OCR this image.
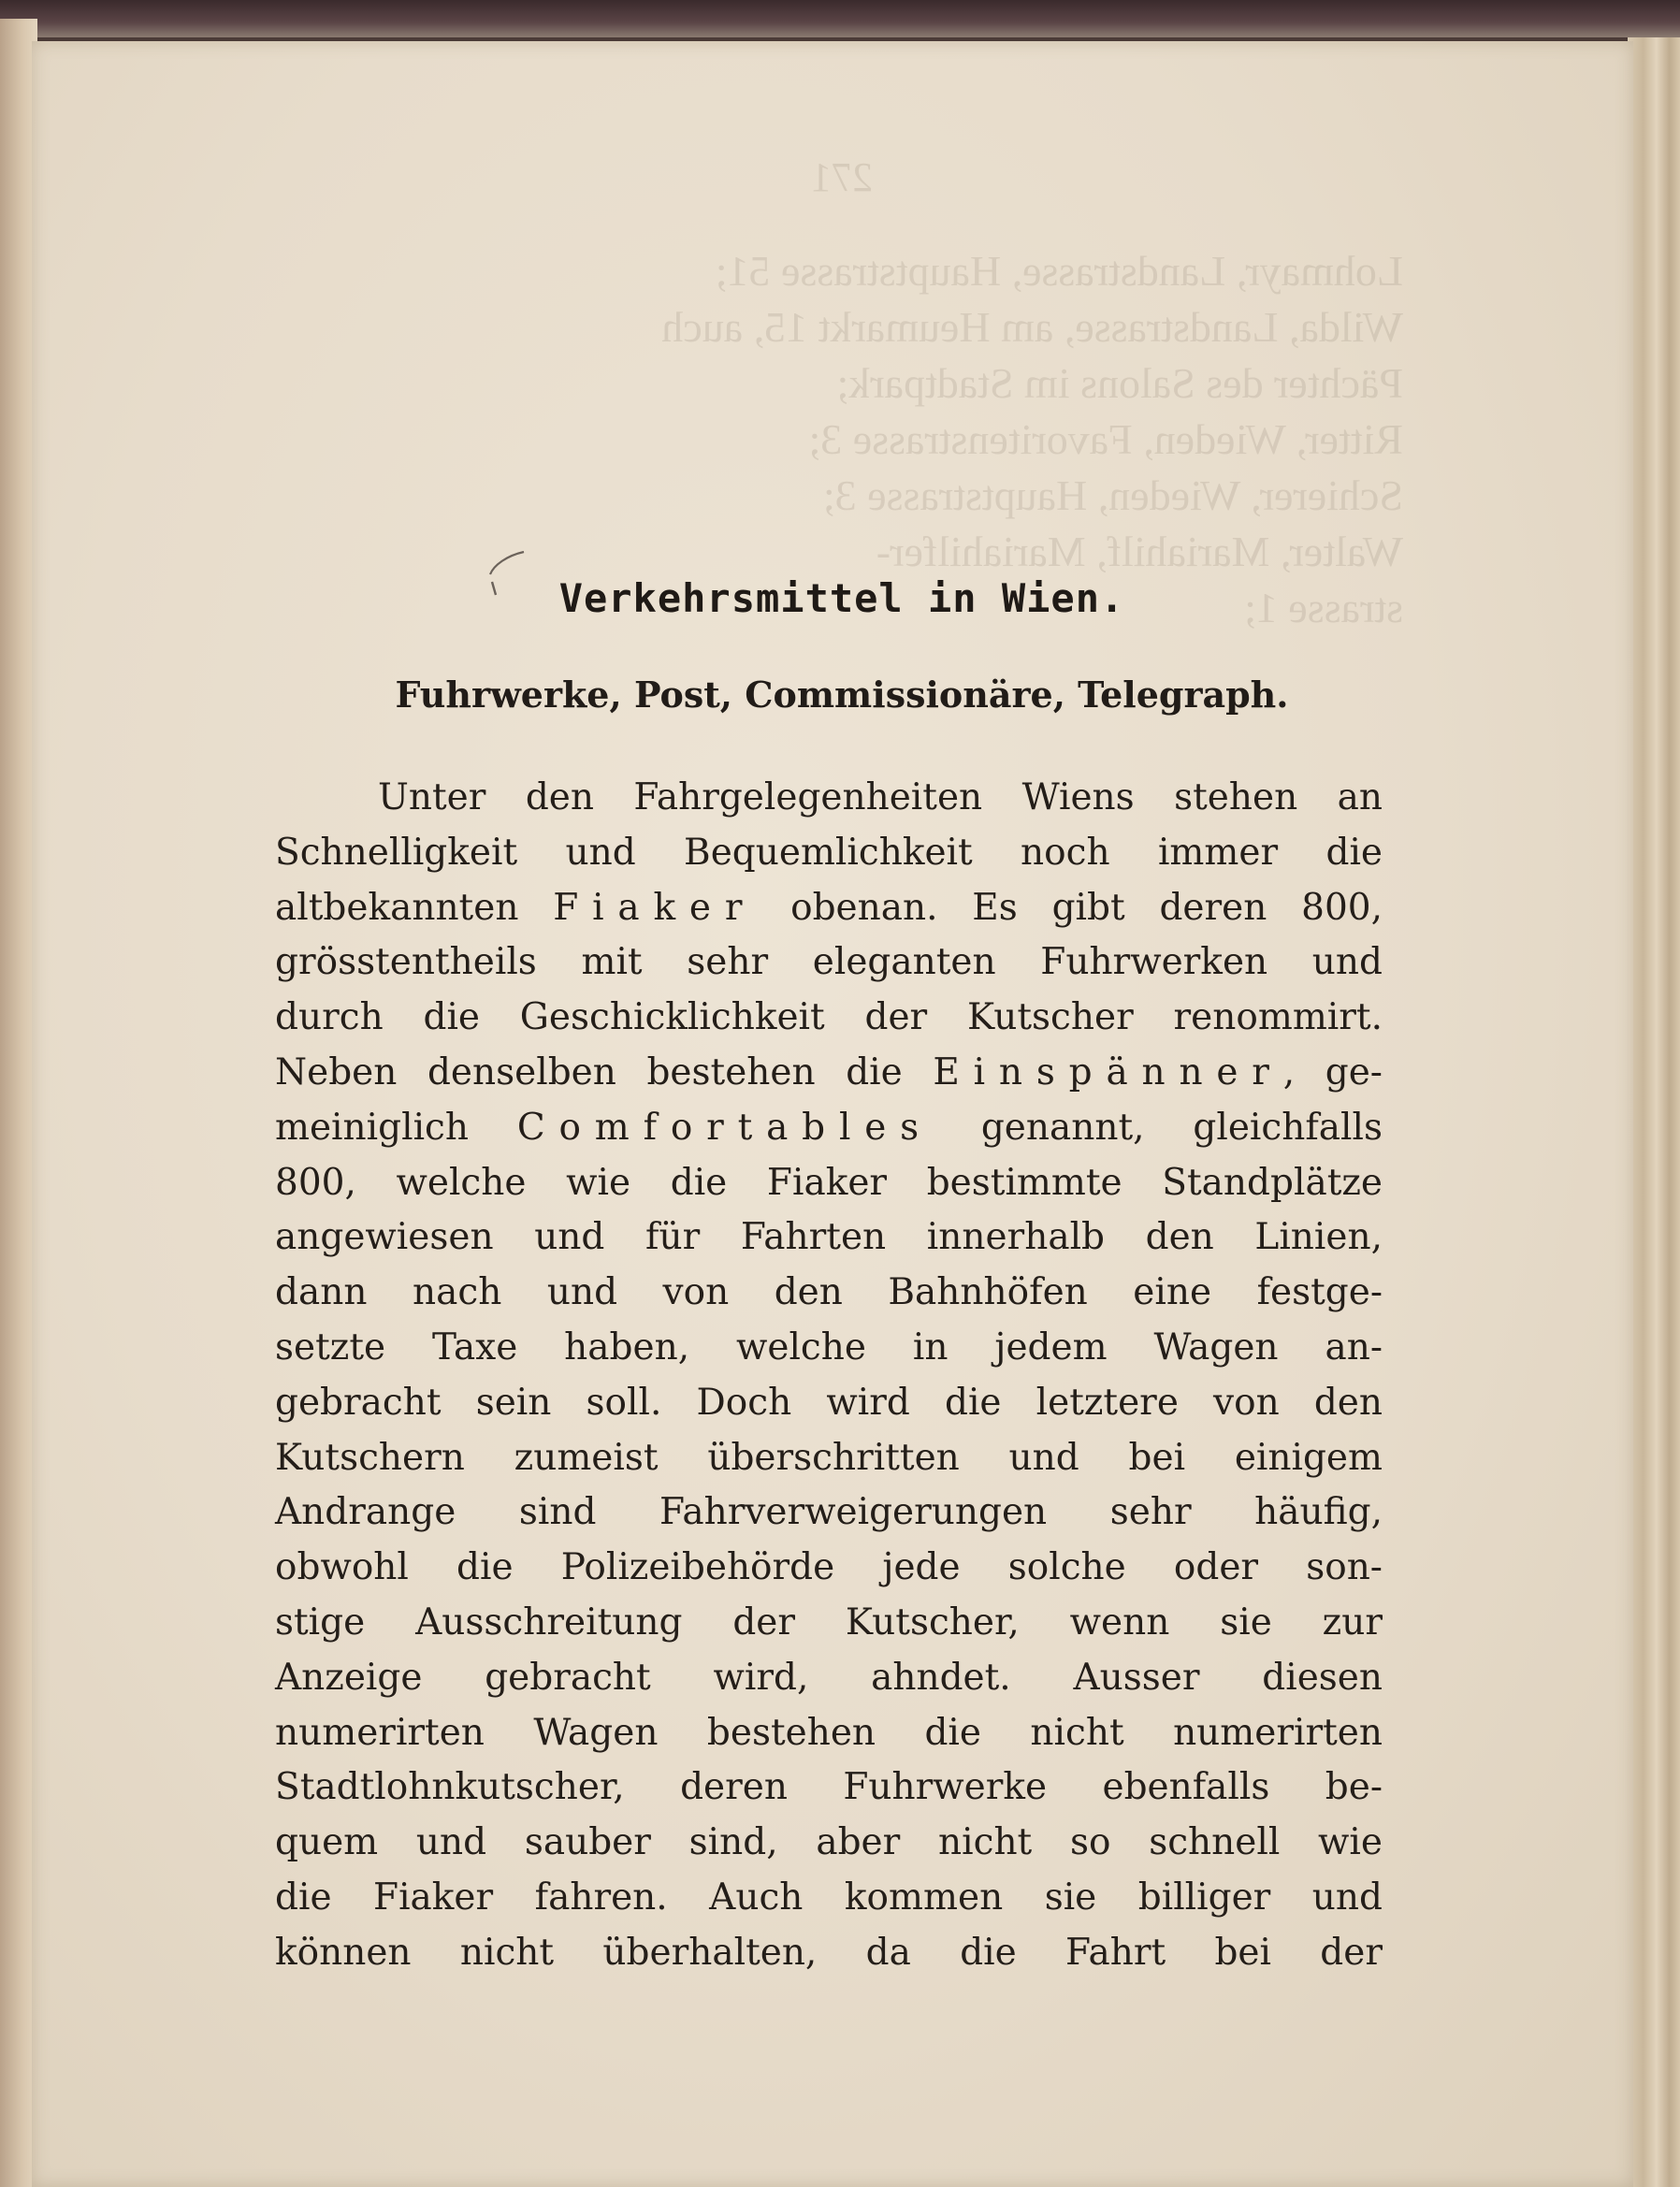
271
Lohmayr, Landstrasse, Hauptstrasse 51;
Wilda, Landstrasse, am Heumarkt 15, auch
Pächter des Salons im Stadtpark;
Ritter, Wieden, Favoritenstrasse 3;
Schierer, Wieden, Hauptstrasse 3;
Walter, Mariahilf, Mariahilfer-
strasse 1;
Verkehrsmittel in Wien.
Fuhrwerke, Post, Commissionäre, Telegraph.
Unter den Fahrgelegenheiten Wiens stehen an
Schnelligkeit und Bequemlichkeit noch immer die
altbekannten Fiaker obenan. Es gibt deren 800,
grösstentheils mit sehr eleganten Fuhrwerken und
durch die Geschicklichkeit der Kutscher renommirt.
Neben denselben bestehen die Einspänner, ge-
meiniglich Comfortables genannt, gleichfalls
800, welche wie die Fiaker bestimmte Standplätze
angewiesen und für Fahrten innerhalb den Linien,
dann nach und von den Bahnhöfen eine festge-
setzte Taxe haben, welche in jedem Wagen an-
gebracht sein soll. Doch wird die letztere von den
Kutschern zumeist überschritten und bei einigem
Andrange sind Fahrverweigerungen sehr häufig,
obwohl die Polizeibehörde jede solche oder son-
stige Ausschreitung der Kutscher, wenn sie zur
Anzeige gebracht wird, ahndet. Ausser diesen
numerirten Wagen bestehen die nicht numerirten
Stadtlohnkutscher, deren Fuhrwerke ebenfalls be-
quem und sauber sind, aber nicht so schnell wie
die Fiaker fahren. Auch kommen sie billiger und
können nicht überhalten, da die Fahrt bei der
